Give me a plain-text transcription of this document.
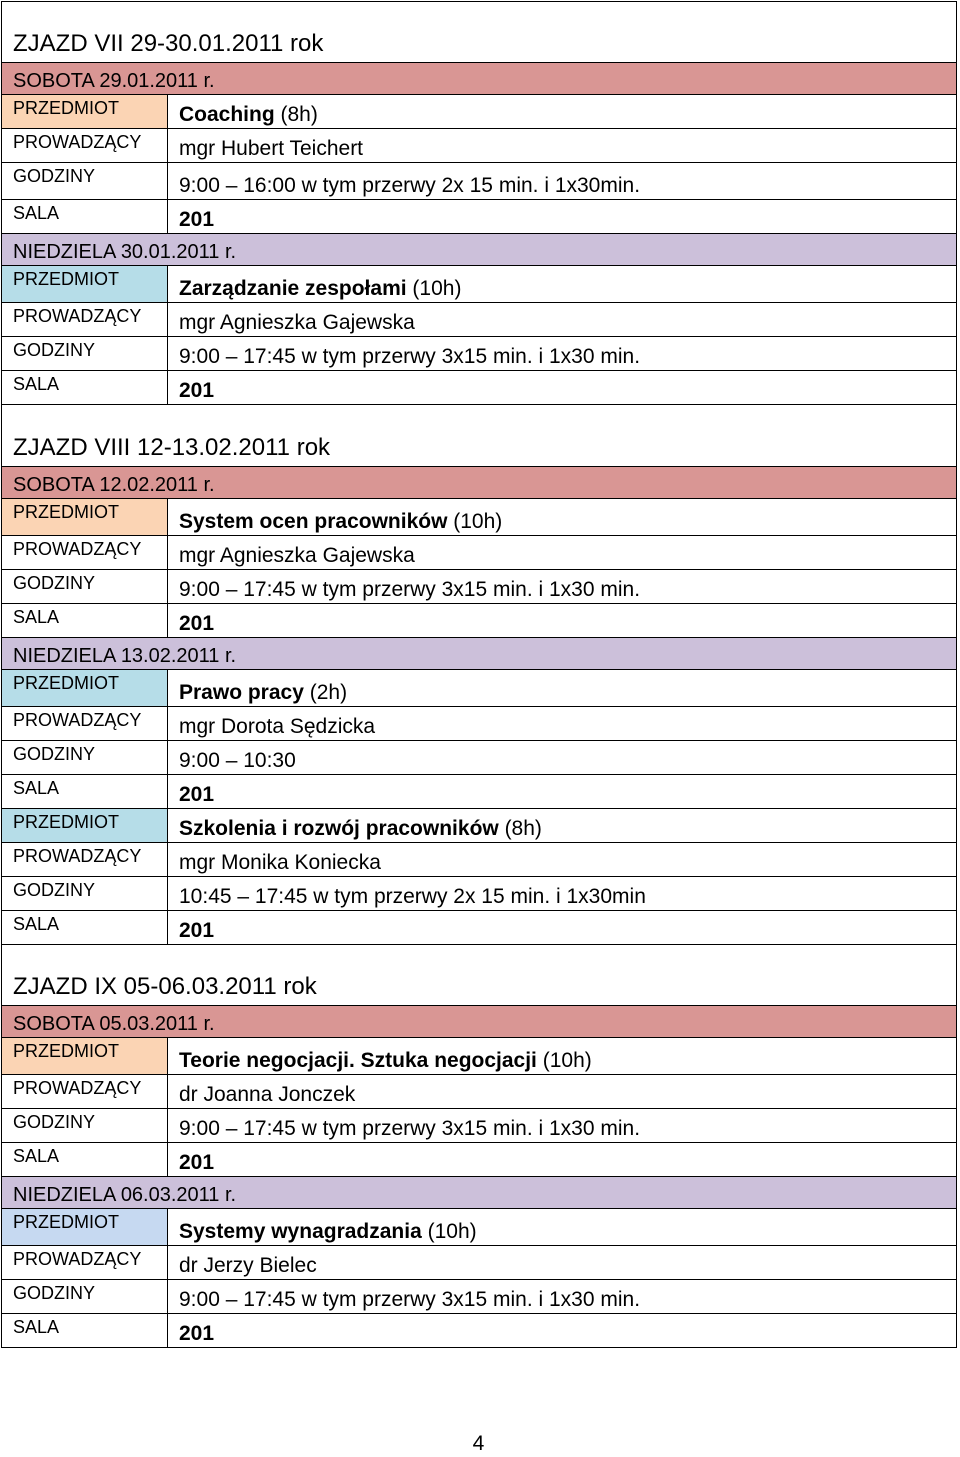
ZJAZD VII 29-30.01.2011 rok	
SOBOTA 29.01.2011 r.	
PRZEDMIOT	Coaching (8h)
PROWADZĄCY	mgr Hubert Teichert
GODZINY	9:00 – 16:00 w tym przerwy 2x 15 min. i 1x30min.
SALA	201
NIEDZIELA 30.01.2011 r.	
PRZEDMIOT	Zarządzanie zespołami (10h)
PROWADZĄCY	mgr Agnieszka Gajewska
GODZINY	9:00 – 17:45 w tym przerwy 3x15 min. i 1x30 min.
SALA	201
ZJAZD VIII 12-13.02.2011 rok	
SOBOTA 12.02.2011 r.	
PRZEDMIOT	System ocen pracowników (10h)
PROWADZĄCY	mgr Agnieszka Gajewska
GODZINY	9:00 – 17:45 w tym przerwy 3x15 min. i 1x30 min.
SALA	201
NIEDZIELA 13.02.2011 r.	
PRZEDMIOT	Prawo pracy (2h)
PROWADZĄCY	mgr Dorota Sędzicka
GODZINY	9:00 – 10:30
SALA	201
PRZEDMIOT	Szkolenia i rozwój pracowników (8h)
PROWADZĄCY	mgr Monika Koniecka
GODZINY	10:45 – 17:45 w tym przerwy 2x 15 min. i 1x30min
SALA	201
ZJAZD IX 05-06.03.2011 rok	
SOBOTA 05.03.2011 r.	
PRZEDMIOT	Teorie negocjacji. Sztuka negocjacji (10h)
PROWADZĄCY	dr Joanna Jonczek
GODZINY	9:00 – 17:45 w tym przerwy 3x15 min. i 1x30 min.
SALA	201
NIEDZIELA 06.03.2011 r.	
PRZEDMIOT	Systemy wynagradzania (10h)
PROWADZĄCY	dr Jerzy Bielec
GODZINY	9:00 – 17:45 w tym przerwy 3x15 min. i 1x30 min.
SALA	201
4
